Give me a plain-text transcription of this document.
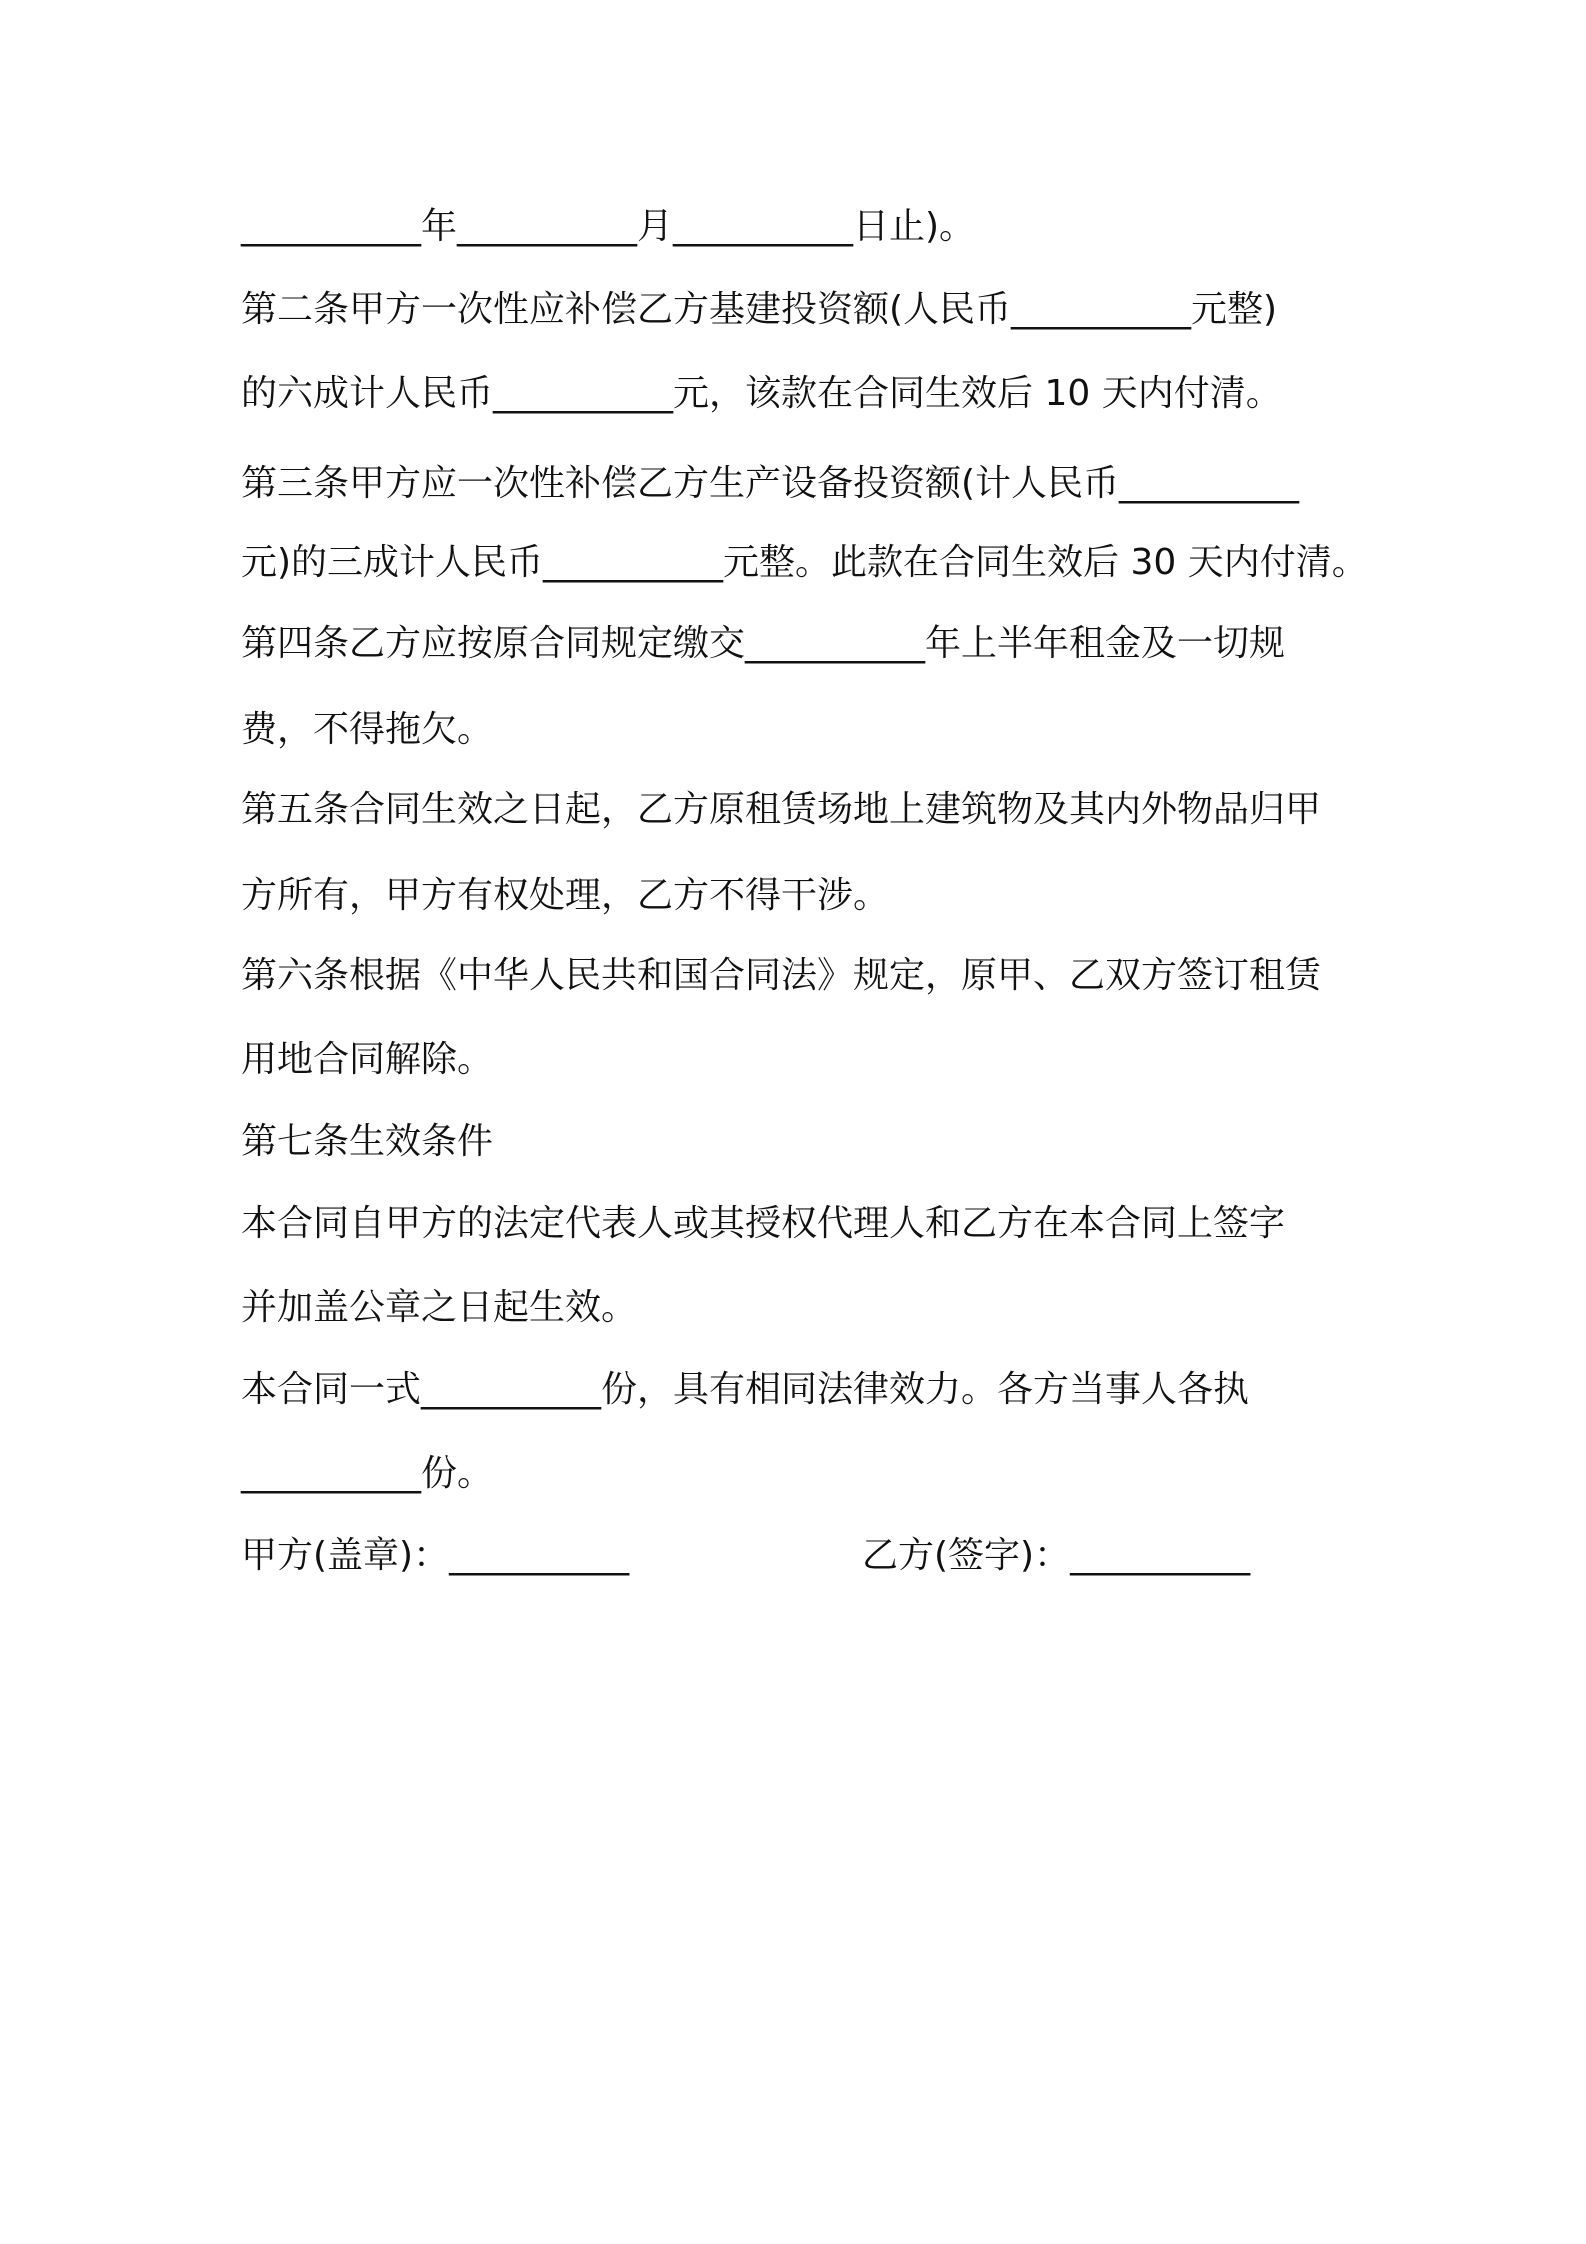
__________年__________月__________日止)。
第二条甲方一次性应补偿乙方基建投资额(人民币__________元整)
的六成计人民币__________元，该款在合同生效后 10 天内付清。
第三条甲方应一次性补偿乙方生产设备投资额(计人民币__________
元)的三成计人民币__________元整。此款在合同生效后 30 天内付清。
第四条乙方应按原合同规定缴交__________年上半年租金及一切规
费，不得拖欠。
第五条合同生效之日起，乙方原租赁场地上建筑物及其内外物品归甲
方所有，甲方有权处理，乙方不得干涉。
第六条根据《中华人民共和国合同法》规定，原甲、乙双方签订租赁
用地合同解除。
第七条生效条件
本合同自甲方的法定代表人或其授权代理人和乙方在本合同上签字
并加盖公章之日起生效。
本合同一式__________份，具有相同法律效力。各方当事人各执
__________份。
甲方(盖章)：__________	乙方(签字)：__________
